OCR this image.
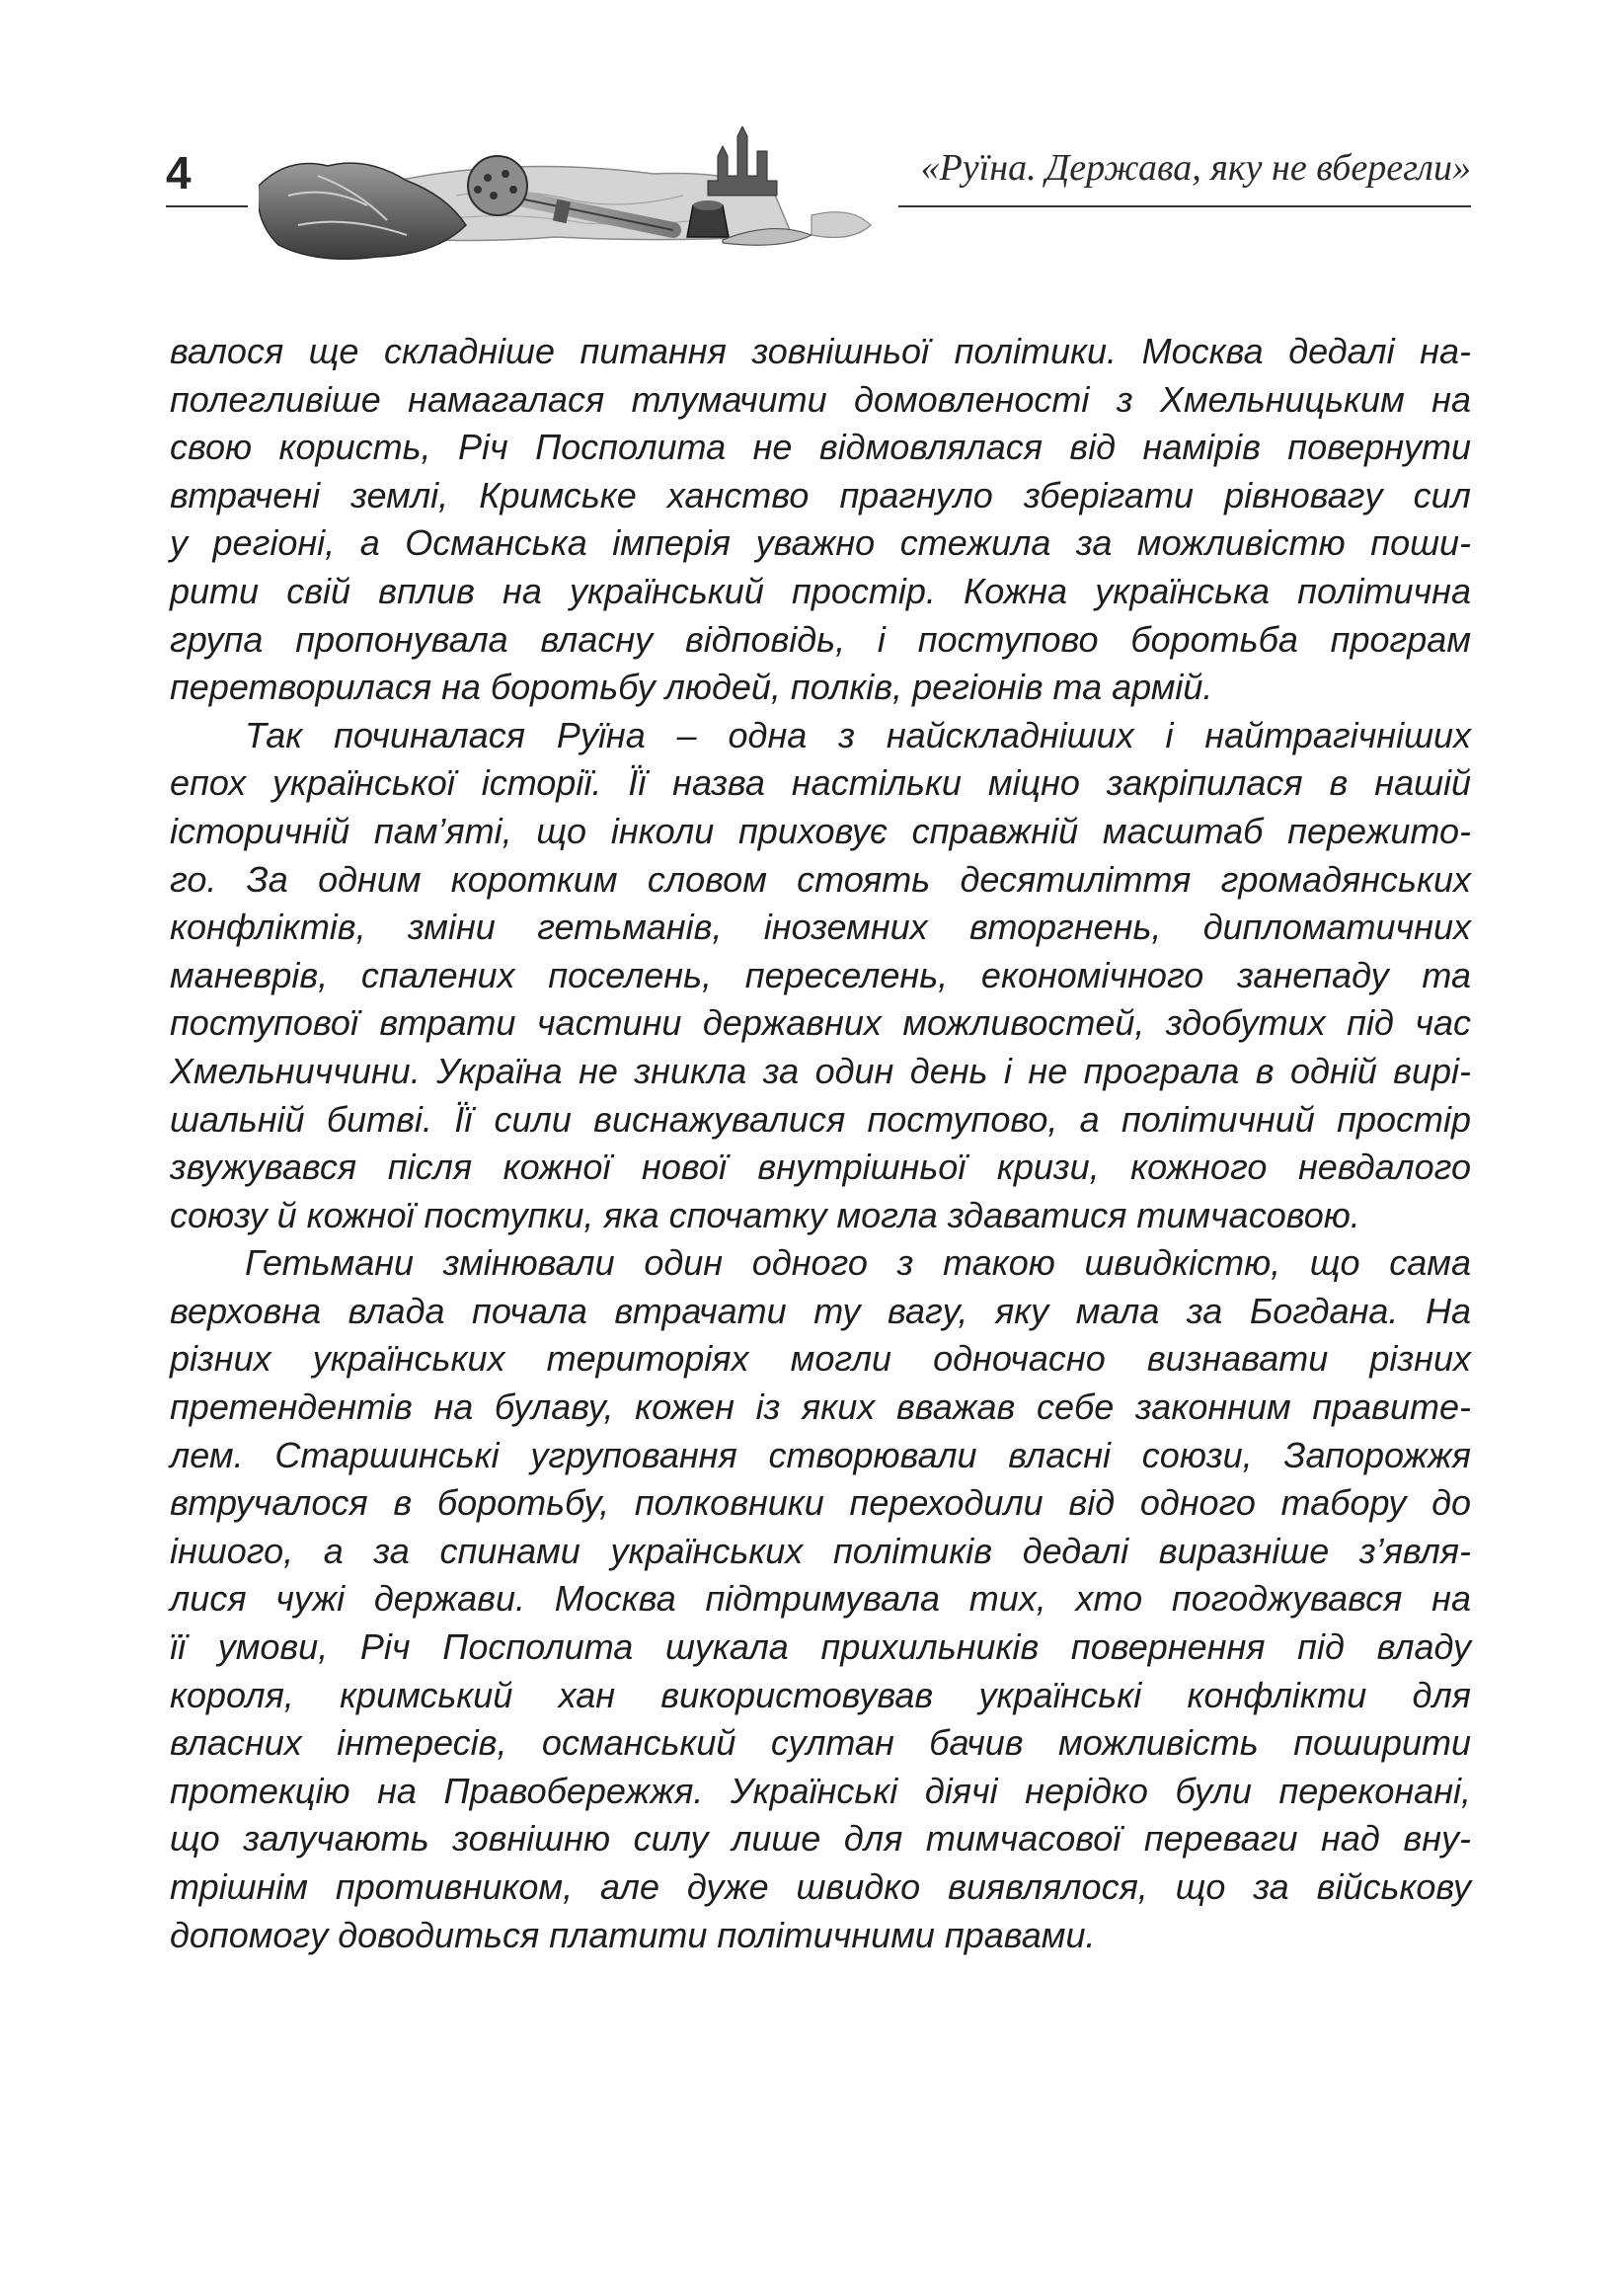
4	«Руїна. Держава, яку не вберегли»

валося ще складніше питання зовнішньої політики. Москва дедалі на-
полегливіше намагалася тлумачити домовленості з Хмельницьким на
свою користь, Річ Посполита не відмовлялася від намірів повернути
втрачені землі, Кримське ханство прагнуло зберігати рівновагу сил
у регіоні, а Османська імперія уважно стежила за можливістю поши-
рити свій вплив на український простір. Кожна українська політична
група пропонувала власну відповідь, і поступово боротьба програм
перетворилася на боротьбу людей, полків, регіонів та армій.

Так починалася Руїна – одна з найскладніших і найтрагічніших
епох української історії. Її назва настільки міцно закріпилася в нашій
історичній пам’яті, що інколи приховує справжній масштаб пережито-
го. За одним коротким словом стоять десятиліття громадянських
конфліктів, зміни гетьманів, іноземних вторгнень, дипломатичних
маневрів, спалених поселень, переселень, економічного занепаду та
поступової втрати частини державних можливостей, здобутих під час
Хмельниччини. Україна не зникла за один день і не програла в одній вирі-
шальній битві. Її сили виснажувалися поступово, а політичний простір
звужувався після кожної нової внутрішньої кризи, кожного невдалого
союзу й кожної поступки, яка спочатку могла здаватися тимчасовою.

Гетьмани змінювали один одного з такою швидкістю, що сама
верховна влада почала втрачати ту вагу, яку мала за Богдана. На
різних українських територіях могли одночасно визнавати різних
претендентів на булаву, кожен із яких вважав себе законним правите-
лем. Старшинські угруповання створювали власні союзи, Запорожжя
втручалося в боротьбу, полковники переходили від одного табору до
іншого, а за спинами українських політиків дедалі виразніше з’явля-
лися чужі держави. Москва підтримувала тих, хто погоджувався на
її умови, Річ Посполита шукала прихильників повернення під владу
короля, кримський хан використовував українські конфлікти для
власних інтересів, османський султан бачив можливість поширити
протекцію на Правобережжя. Українські діячі нерідко були переконані,
що залучають зовнішню силу лише для тимчасової переваги над вну-
трішнім противником, але дуже швидко виявлялося, що за військову
допомогу доводиться платити політичними правами.
